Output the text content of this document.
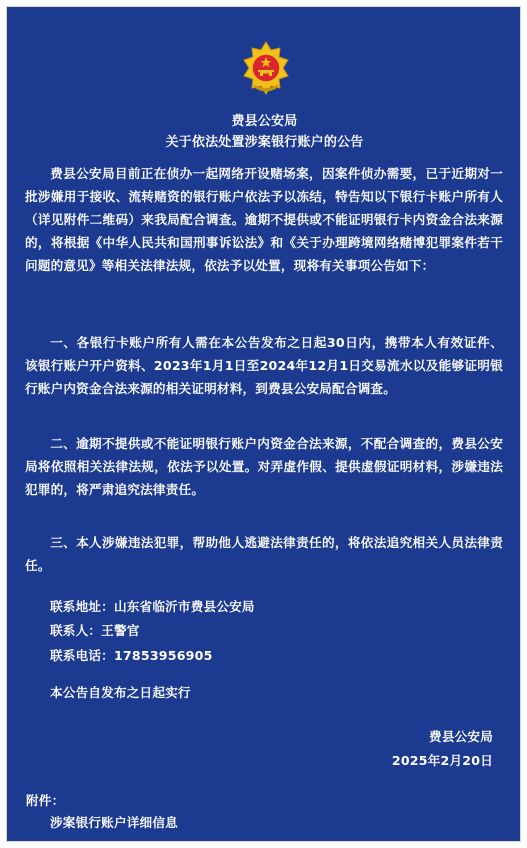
费县公安局
关于依法处置涉案银行账户的公告

费县公安局目前正在侦办一起网络开设赌场案，因案件侦办需要，已于近期对一批涉嫌用于接收、流转赌资的银行账户依法予以冻结，特告知以下银行卡账户所有人（详见附件二维码）来我局配合调查。逾期不提供或不能证明银行卡内资金合法来源的，将根据《中华人民共和国刑事诉讼法》和《关于办理跨境网络赌博犯罪案件若干问题的意见》等相关法律法规，依法予以处置，现将有关事项公告如下：

一、各银行卡账户所有人需在本公告发布之日起30日内，携带本人有效证件、该银行账户开户资料、2023年1月1日至2024年12月1日交易流水以及能够证明银行账户内资金合法来源的相关证明材料，到费县公安局配合调查。

二、逾期不提供或不能证明银行账户内资金合法来源，不配合调查的，费县公安局将依照相关法律法规，依法予以处置。对弄虚作假、提供虚假证明材料，涉嫌违法犯罪的，将严肃追究法律责任。

三、本人涉嫌违法犯罪，帮助他人逃避法律责任的，将依法追究相关人员法律责任。

联系地址：山东省临沂市费县公安局
联系人：王警官
联系电话：17853956905
本公告自发布之日起实行
费县公安局
2025年2月20日
附件：
涉案银行账户详细信息
